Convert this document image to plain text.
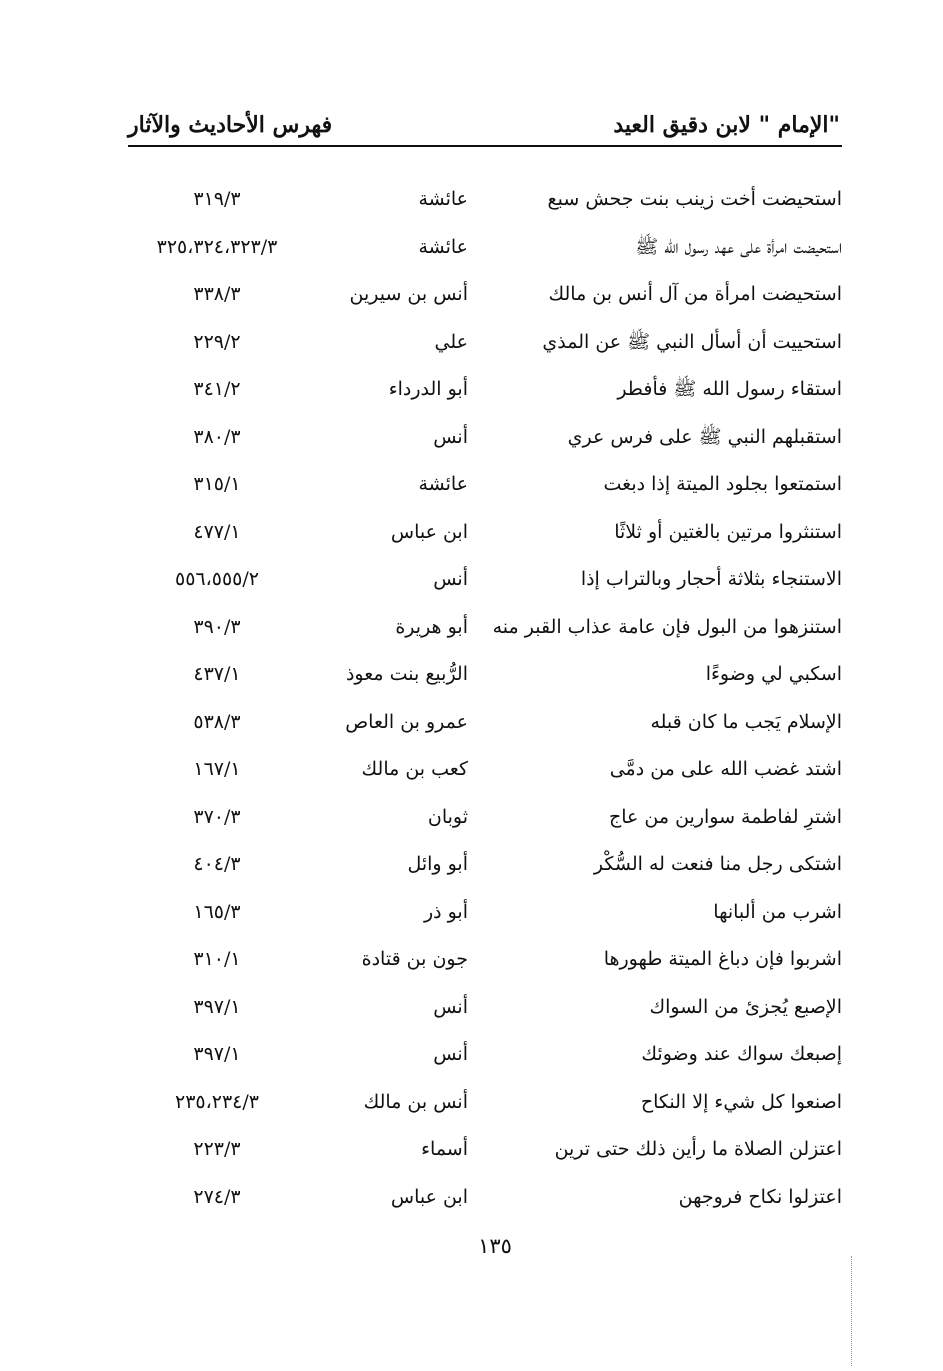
"الإمام " لابن دقيق العيد
فهرس الأحاديث والآثار
استحيضت أخت زينب بنت جحش سبع
عائشة
٣١٩/٣
استحيضت امرأة على عهد رسول الله ﷺ
عائشة
٣٢٥،٣٢٤،٣٢٣/٣
استحيضت امرأة من آل أنس بن مالك
أنس بن سيرين
٣٣٨/٣
استحييت أن أسأل النبي ﷺ عن المذي
علي
٢٢٩/٢
استقاء رسول الله ﷺ فأفطر
أبو الدرداء
٣٤١/٢
استقبلهم النبي ﷺ على فرس عري
أنس
٣٨٠/٣
استمتعوا بجلود الميتة إذا دبغت
عائشة
٣١٥/١
استنثروا مرتين بالغتين أو ثلاثًا
ابن عباس
٤٧٧/١
الاستنجاء بثلاثة أحجار وبالتراب إذا
أنس
٥٥٦،٥٥٥/٢
استنزهوا من البول فإن عامة عذاب القبر منه
أبو هريرة
٣٩٠/٣
اسكبي لي وضوءًا
الرُّبيع بنت معوذ
٤٣٧/١
الإسلام يَجب ما كان قبله
عمرو بن العاص
٥٣٨/٣
اشتد غضب الله على من دمَّى
كعب بن مالك
١٦٧/١
اشترِ لفاطمة سوارين من عاج
ثوبان
٣٧٠/٣
اشتكى رجل منا فنعت له السُّكْر
أبو وائل
٤٠٤/٣
اشرب من ألبانها
أبو ذر
١٦٥/٣
اشربوا فإن دباغ الميتة طهورها
جون بن قتادة
٣١٠/١
الإصبع يُجزئ من السواك
أنس
٣٩٧/١
إصبعك سواك عند وضوئك
أنس
٣٩٧/١
اصنعوا كل شيء إلا النكاح
أنس بن مالك
٢٣٥،٢٣٤/٣
اعتزلن الصلاة ما رأين ذلك حتى ترين
أسماء
٢٢٣/٣
اعتزلوا نكاح فروجهن
ابن عباس
٢٧٤/٣
١٣٥
